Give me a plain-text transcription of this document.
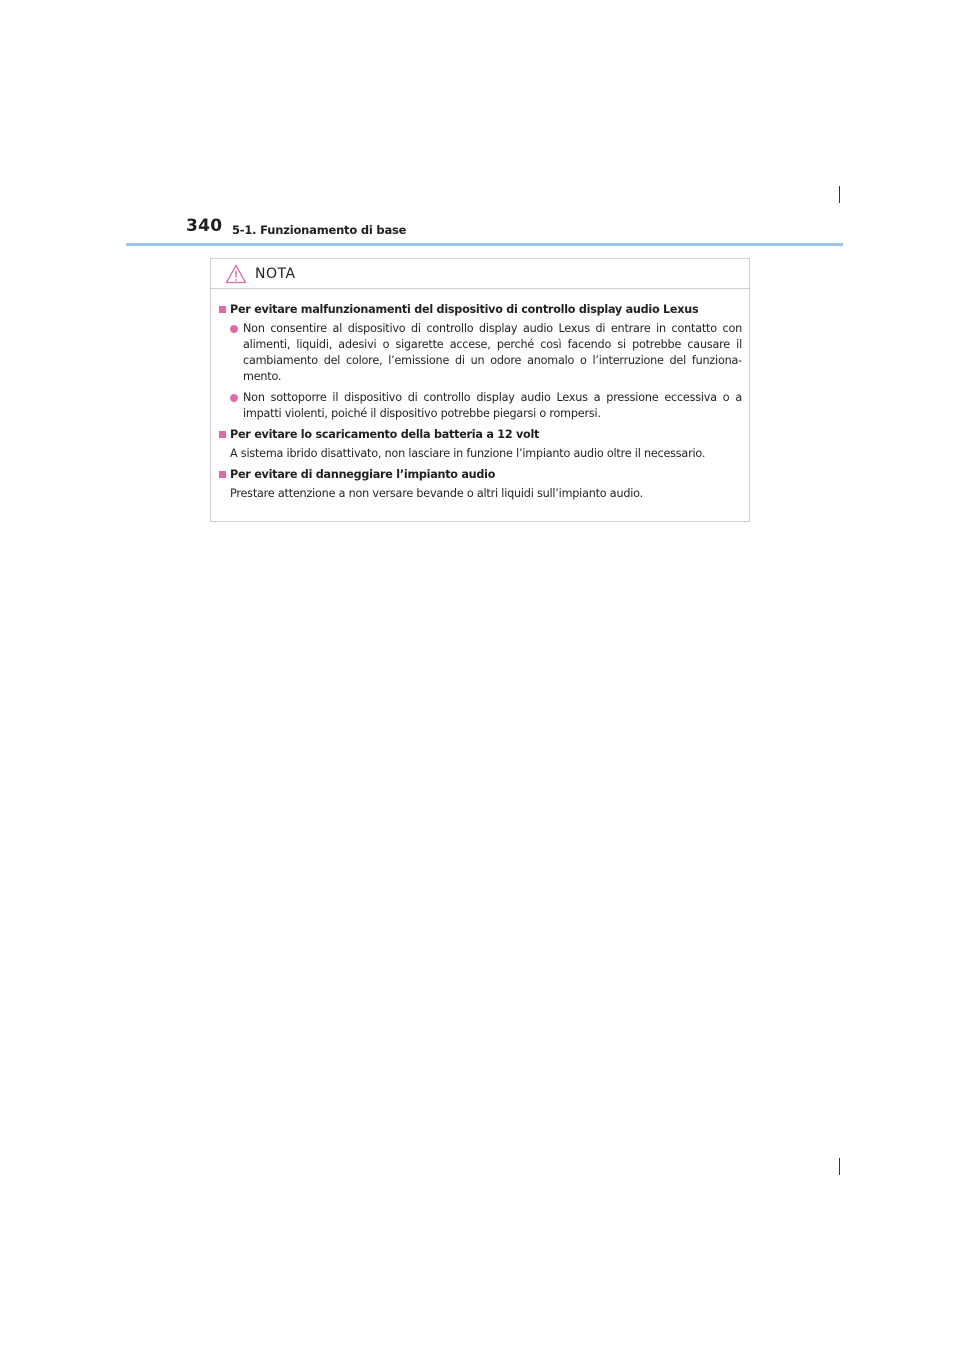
340 5-1. Funzionamento di base
NOTA
Per evitare malfunzionamenti del dispositivo di controllo display audio Lexus
Non consentire al dispositivo di controllo display audio Lexus di entrare in contatto con alimenti, liquidi, adesivi o sigarette accese, perché così facendo si potrebbe causare il cambiamento del colore, l’emissione di un odore anomalo o l’interruzione del funziona-mento.
Non sottoporre il dispositivo di controllo display audio Lexus a pressione eccessiva o a impatti violenti, poiché il dispositivo potrebbe piegarsi o rompersi.
Per evitare lo scaricamento della batteria a 12 volt
A sistema ibrido disattivato, non lasciare in funzione l’impianto audio oltre il necessario.
Per evitare di danneggiare l’impianto audio
Prestare attenzione a non versare bevande o altri liquidi sull’impianto audio.
